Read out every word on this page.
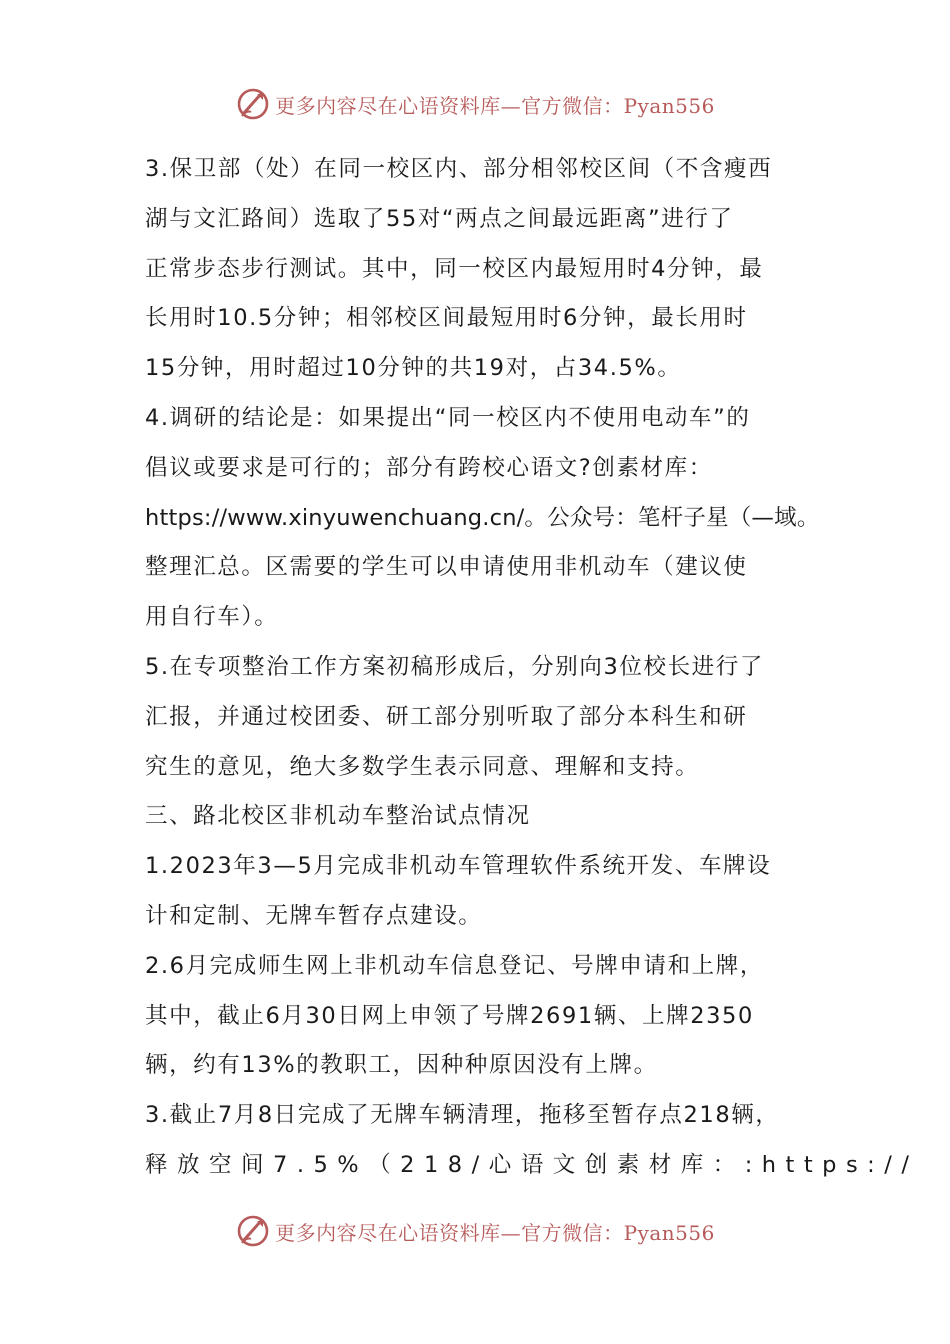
更多内容尽在心语资料库—官方微信：Pyan556
3.保卫部（处）在同一校区内、部分相邻校区间（不含瘦西
湖与文汇路间）选取了55对“两点之间最远距离”进行了
正常步态步行测试。其中，同一校区内最短用时4分钟，最
长用时10.5分钟；相邻校区间最短用时6分钟，最长用时
15分钟，用时超过10分钟的共19对，占34.5%。
4.调研的结论是：如果提出“同一校区内不使用电动车”的
倡议或要求是可行的；部分有跨校心语文?创素材库：
https://www.xinyuwenchuang.cn/。公众号：笔杆子星（—域。
整理汇总。区需要的学生可以申请使用非机动车（建议使
用自行车）。
5.在专项整治工作方案初稿形成后，分别向3位校长进行了
汇报，并通过校团委、研工部分别听取了部分本科生和研
究生的意见，绝大多数学生表示同意、理解和支持。
三、路北校区非机动车整治试点情况
1.2023年3—5月完成非机动车管理软件系统开发、车牌设
计和定制、无牌车暂存点建设。
2.6月完成师生网上非机动车信息登记、号牌申请和上牌，
其中，截止6月30日网上申领了号牌2691辆、上牌2350
辆，约有13%的教职工，因种种原因没有上牌。
3.截止7月8日完成了无牌车辆清理，拖移至暂存点218辆，
释放空间7.5%（218/心语文创素材库：:https://
更多内容尽在心语资料库—官方微信：Pyan556
